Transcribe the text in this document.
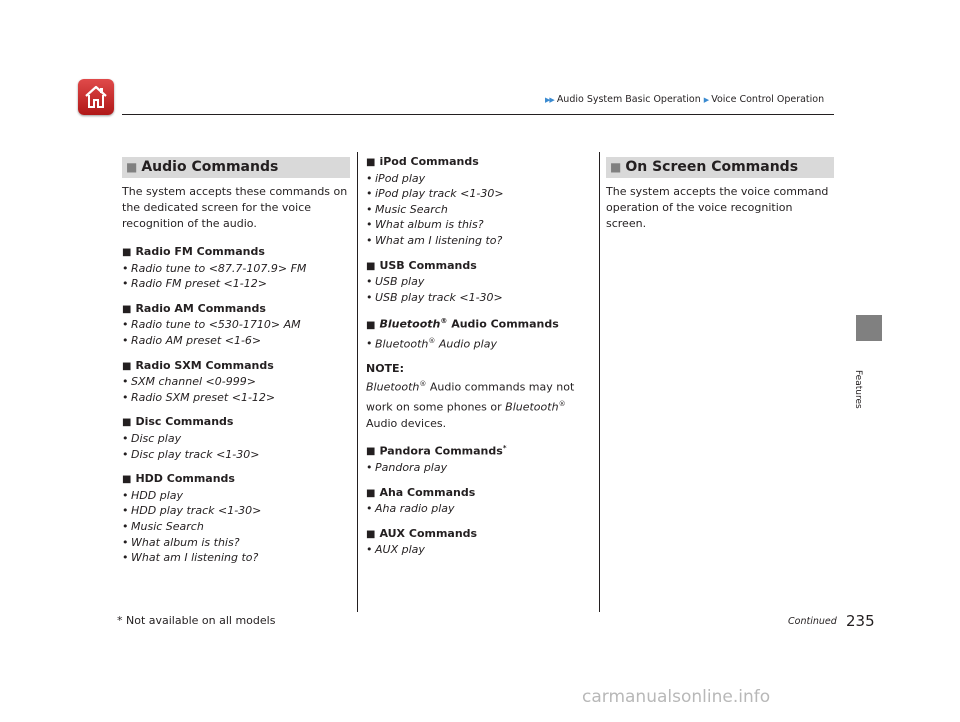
▶▶ Audio System Basic Operation ▶ Voice Control Operation
Features
■ Audio Commands
The system accepts these commands on the dedicated screen for the voice recognition of the audio.
■ Radio FM Commands
• Radio tune to <87.7-107.9> FM
• Radio FM preset <1-12>
■ Radio AM Commands
• Radio tune to <530-1710> AM
• Radio AM preset <1-6>
■ Radio SXM Commands
• SXM channel <0-999>
• Radio SXM preset <1-12>
■ Disc Commands
• Disc play
• Disc play track <1-30>
■ HDD Commands
• HDD play
• HDD play track <1-30>
• Music Search
• What album is this?
• What am I listening to?
■ iPod Commands
• iPod play
• iPod play track <1-30>
• Music Search
• What album is this?
• What am I listening to?
■ USB Commands
• USB play
• USB play track <1-30>
■ Bluetooth® Audio Commands
• Bluetooth® Audio play
NOTE:
Bluetooth® Audio commands may not work on some phones or Bluetooth® Audio devices.
■ Pandora Commands*
• Pandora play
■ Aha Commands
• Aha radio play
■ AUX Commands
• AUX play
■ On Screen Commands
The system accepts the voice command operation of the voice recognition screen.
* Not available on all models	Continued 235
carmanualsonline.info
